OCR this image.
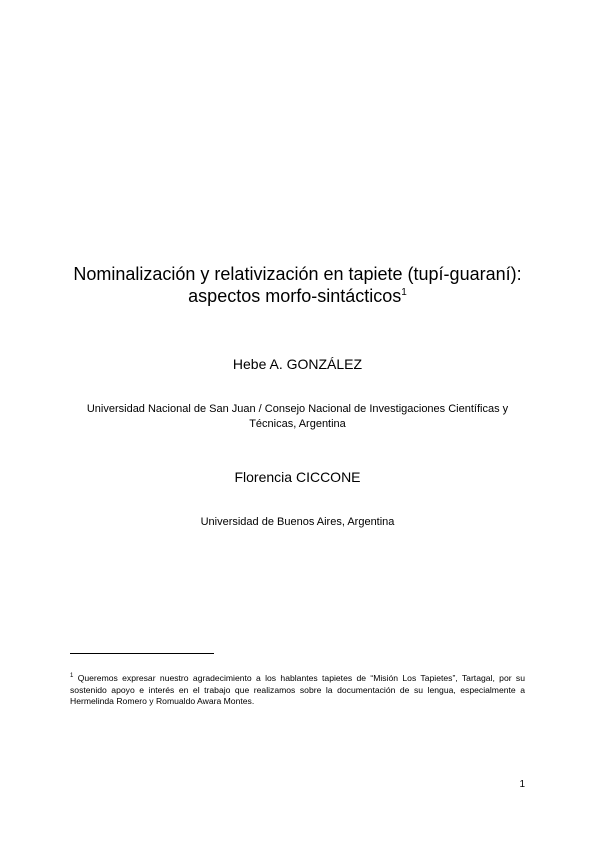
Nominalización y relativización en tapiete (tupí-guaraní):
aspectos morfo-sintácticos$^1$
Hebe A. GONZÁLEZ
Universidad Nacional de San Juan / Consejo Nacional de Investigaciones Científicas y Técnicas, Argentina
Florencia CICCONE
Universidad de Buenos Aires, Argentina
$^1$ Queremos expresar nuestro agradecimiento a los hablantes tapietes de “Misión Los Tapietes”, Tartagal, por su sostenido apoyo e interés en el trabajo que realizamos sobre la documentación de su lengua, especialmente a Hermelinda Romero y Romualdo Awara Montes.
1
